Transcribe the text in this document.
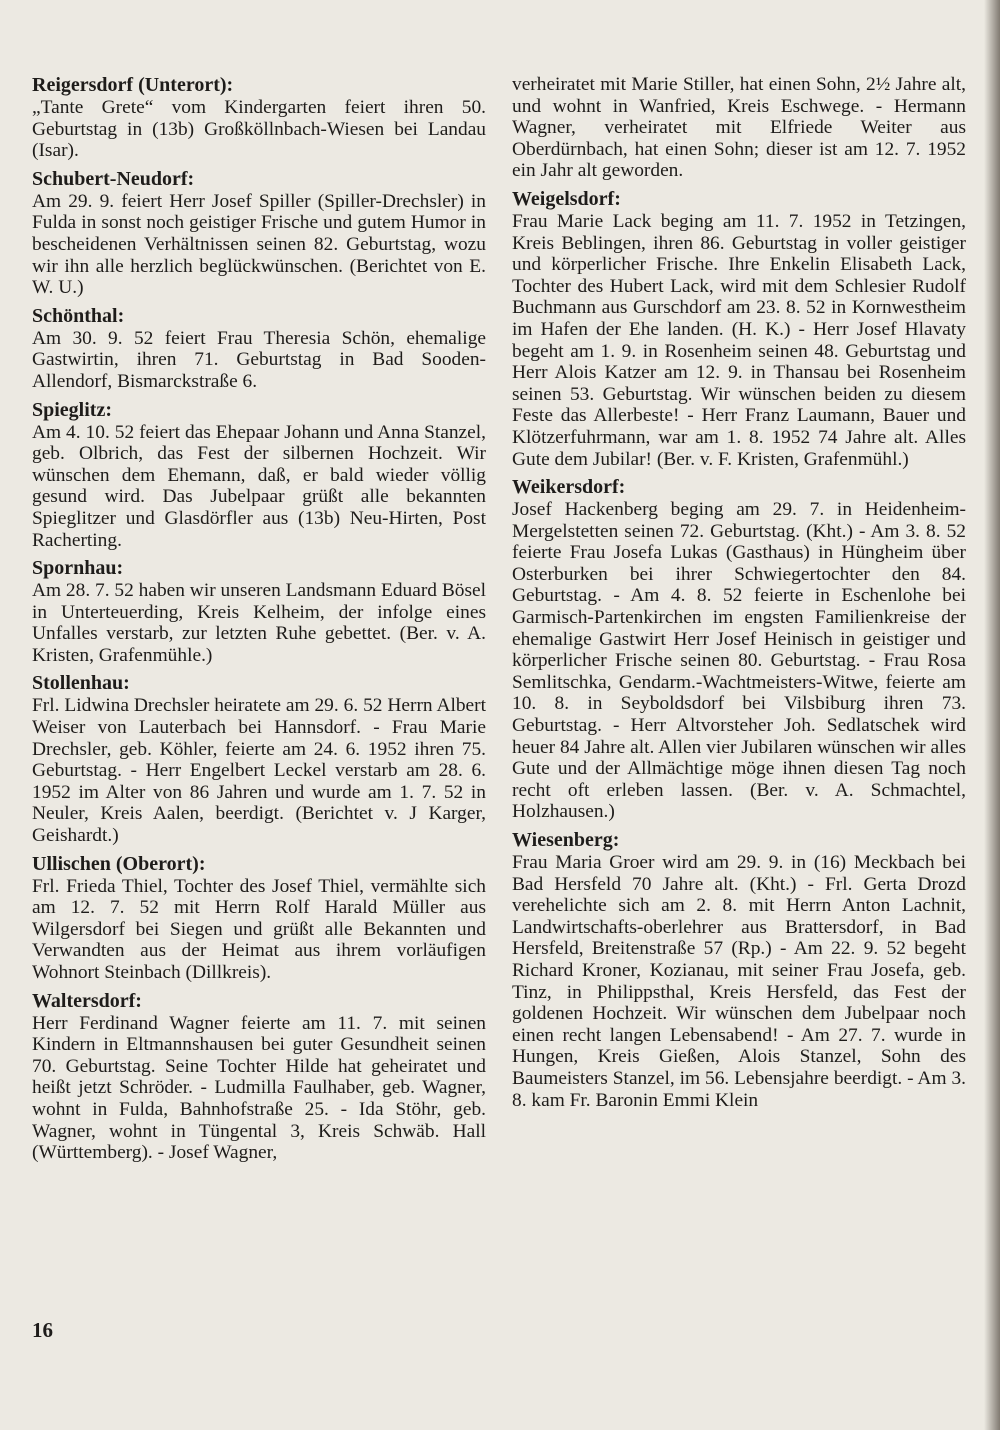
Reigersdorf (Unterort):

„Tante Grete“ vom Kindergarten feiert ihren 50. Geburtstag in (13b) Großköllnbach-Wiesen bei Landau (Isar).

Schubert-Neudorf:

Am 29. 9. feiert Herr Josef Spiller (Spiller-Drechsler) in Fulda in sonst noch geistiger Frische und gutem Humor in bescheidenen Verhältnissen seinen 82. Geburtstag, wozu wir ihn alle herzlich beglückwünschen. (Berichtet von E. W. U.)

Schönthal:

Am 30. 9. 52 feiert Frau Theresia Schön, ehemalige Gastwirtin, ihren 71. Geburtstag in Bad Sooden-Allendorf, Bismarckstraße 6.

Spieglitz:

Am 4. 10. 52 feiert das Ehepaar Johann und Anna Stanzel, geb. Olbrich, das Fest der silbernen Hochzeit. Wir wünschen dem Ehemann, daß, er bald wieder völlig gesund wird. Das Jubelpaar grüßt alle bekannten Spieglitzer und Glasdörfler aus (13b) Neu-Hirten, Post Racherting.

Spornhau:

Am 28. 7. 52 haben wir unseren Landsmann Eduard Bösel in Unterteuerding, Kreis Kelheim, der infolge eines Unfalles verstarb, zur letzten Ruhe gebettet. (Ber. v. A. Kristen, Grafenmühle.)

Stollenhau:

Frl. Lidwina Drechsler heiratete am 29. 6. 52 Herrn Albert Weiser von Lauterbach bei Hannsdorf. - Frau Marie Drechsler, geb. Köhler, feierte am 24. 6. 1952 ihren 75. Geburtstag. - Herr Engelbert Leckel verstarb am 28. 6. 1952 im Alter von 86 Jahren und wurde am 1. 7. 52 in Neuler, Kreis Aalen, beerdigt. (Berichtet v. J Karger, Geishardt.)

Ullischen (Oberort):

Frl. Frieda Thiel, Tochter des Josef Thiel, vermählte sich am 12. 7. 52 mit Herrn Rolf Harald Müller aus Wilgersdorf bei Siegen und grüßt alle Bekannten und Verwandten aus der Heimat aus ihrem vorläufigen Wohnort Steinbach (Dillkreis).

Waltersdorf:

Herr Ferdinand Wagner feierte am 11. 7. mit seinen Kindern in Eltmannshausen bei guter Gesundheit seinen 70. Geburtstag. Seine Tochter Hilde hat geheiratet und heißt jetzt Schröder. - Ludmilla Faulhaber, geb. Wagner, wohnt in Fulda, Bahnhofstraße 25. - Ida Stöhr, geb. Wagner, wohnt in Tüngental 3, Kreis Schwäb. Hall (Württemberg). - Josef Wagner,

verheiratet mit Marie Stiller, hat einen Sohn, 2½ Jahre alt, und wohnt in Wanfried, Kreis Eschwege. - Hermann Wagner, verheiratet mit Elfriede Weiter aus Oberdürnbach, hat einen Sohn; dieser ist am 12. 7. 1952 ein Jahr alt geworden.

Weigelsdorf:

Frau Marie Lack beging am 11. 7. 1952 in Tetzingen, Kreis Beblingen, ihren 86. Geburtstag in voller geistiger und körperlicher Frische. Ihre Enkelin Elisabeth Lack, Tochter des Hubert Lack, wird mit dem Schlesier Rudolf Buchmann aus Gurschdorf am 23. 8. 52 in Kornwestheim im Hafen der Ehe landen. (H. K.) - Herr Josef Hlavaty begeht am 1. 9. in Rosenheim seinen 48. Geburtstag und Herr Alois Katzer am 12. 9. in Thansau bei Rosenheim seinen 53. Geburtstag. Wir wünschen beiden zu diesem Feste das Allerbeste! - Herr Franz Laumann, Bauer und Klötzerfuhrmann, war am 1. 8. 1952 74 Jahre alt. Alles Gute dem Jubilar! (Ber. v. F. Kristen, Grafenmühl.)

Weikersdorf:

Josef Hackenberg beging am 29. 7. in Heidenheim-Mergelstetten seinen 72. Geburtstag. (Kht.) - Am 3. 8. 52 feierte Frau Josefa Lukas (Gasthaus) in Hüngheim über Osterburken bei ihrer Schwiegertochter den 84. Geburtstag. - Am 4. 8. 52 feierte in Eschenlohe bei Garmisch-Partenkirchen im engsten Familienkreise der ehemalige Gastwirt Herr Josef Heinisch in geistiger und körperlicher Frische seinen 80. Geburtstag. - Frau Rosa Semlitschka, Gendarm.-Wachtmeisters-Witwe, feierte am 10. 8. in Seyboldsdorf bei Vilsbiburg ihren 73. Geburtstag. - Herr Altvorsteher Joh. Sedlatschek wird heuer 84 Jahre alt. Allen vier Jubilaren wünschen wir alles Gute und der Allmächtige möge ihnen diesen Tag noch recht oft erleben lassen. (Ber. v. A. Schmachtel, Holzhausen.)

Wiesenberg:

Frau Maria Groer wird am 29. 9. in (16) Meckbach bei Bad Hersfeld 70 Jahre alt. (Kht.) - Frl. Gerta Drozd verehelichte sich am 2. 8. mit Herrn Anton Lachnit, Landwirtschafts-oberlehrer aus Brattersdorf, in Bad Hersfeld, Breitenstraße 57 (Rp.) - Am 22. 9. 52 begeht Richard Kroner, Kozianau, mit seiner Frau Josefa, geb. Tinz, in Philippsthal, Kreis Hersfeld, das Fest der goldenen Hochzeit. Wir wünschen dem Jubelpaar noch einen recht langen Lebensabend! - Am 27. 7. wurde in Hungen, Kreis Gießen, Alois Stanzel, Sohn des Baumeisters Stanzel, im 56. Lebensjahre beerdigt. - Am 3. 8. kam Fr. Baronin Emmi Klein

16
